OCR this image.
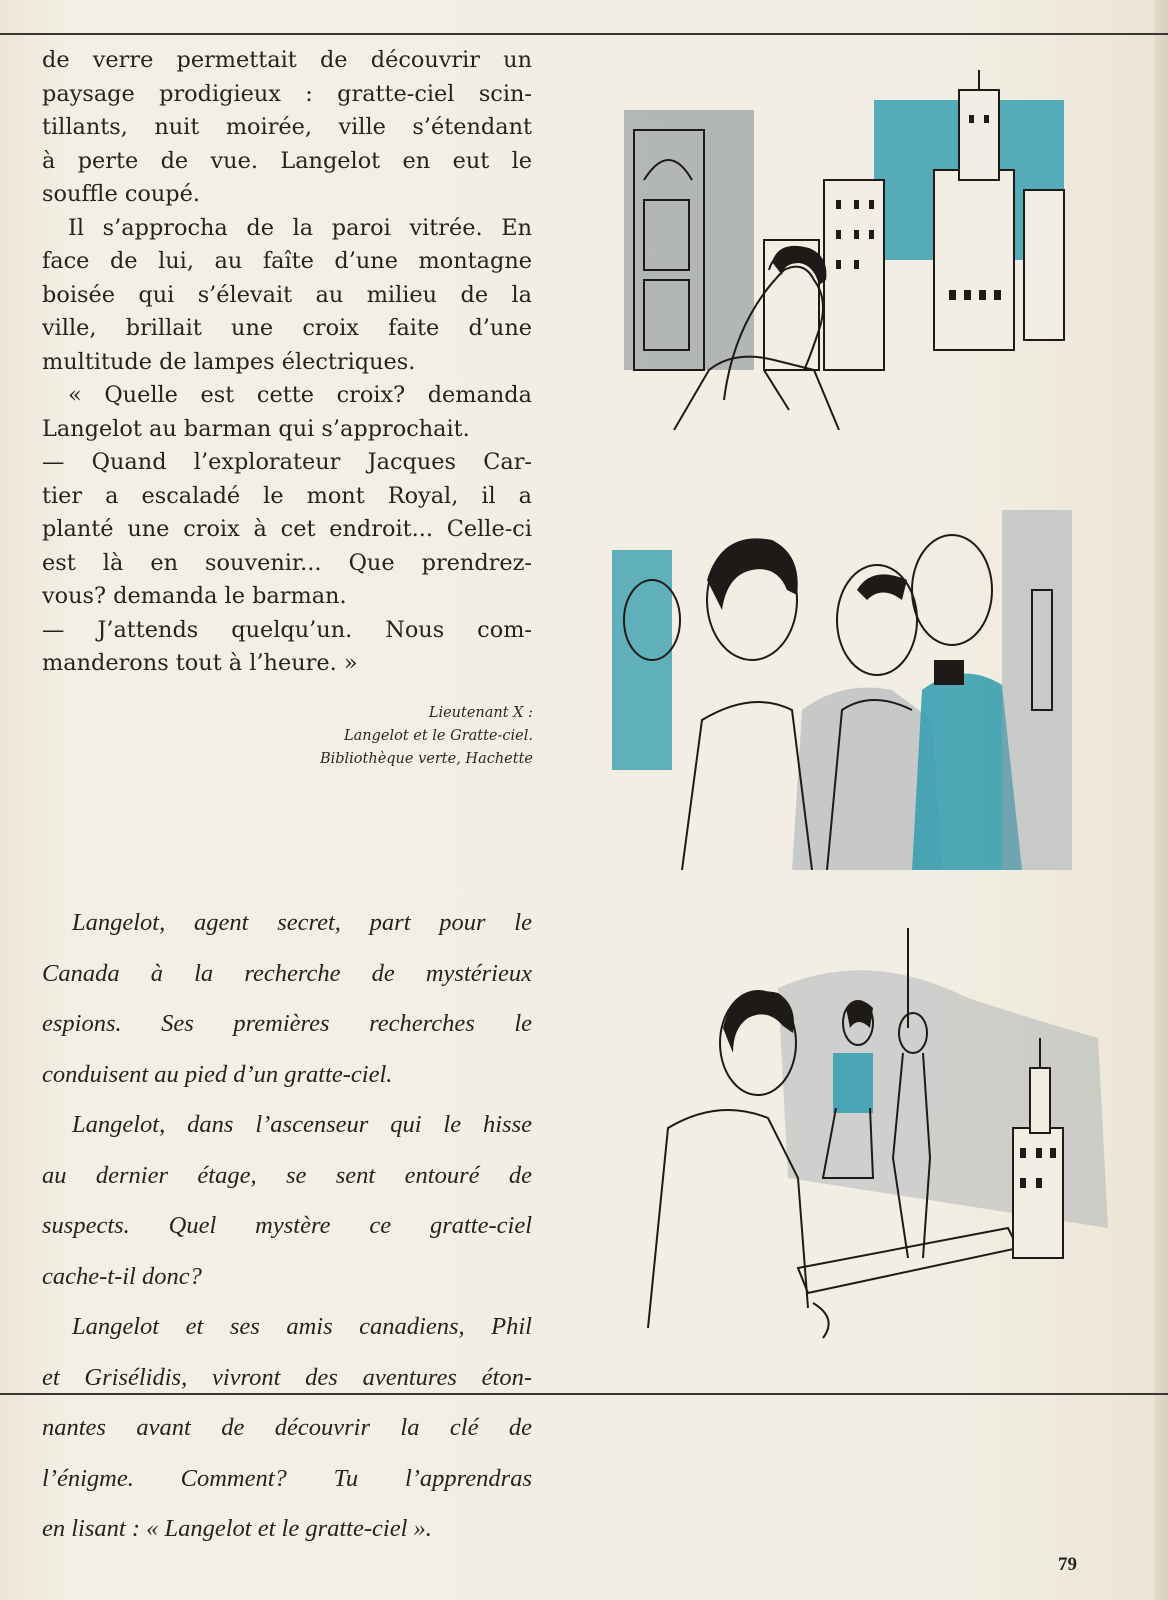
de verre permettait de découvrir un

paysage prodigieux : gratte-ciel scin-

tillants, nuit moirée, ville s’étendant

à perte de vue. Langelot en eut le

souffle coupé.

Il s’approcha de la paroi vitrée. En

face de lui, au faîte d’une montagne

boisée qui s’élevait au milieu de la

ville, brillait une croix faite d’une

multitude de lampes électriques.

« Quelle est cette croix? demanda

Langelot au barman qui s’approchait.

— Quand l’explorateur Jacques Car-

tier a escaladé le mont Royal, il a

planté une croix à cet endroit... Celle-ci

est là en souvenir... Que prendrez-

vous? demanda le barman.

— J’attends quelqu’un. Nous com-

manderons tout à l’heure. »

Lieutenant X :
Langelot et le Gratte-ciel.
Bibliothèque verte, Hachette

Langelot, agent secret, part pour le

Canada à la recherche de mystérieux

espions. Ses premières recherches le

conduisent au pied d’un gratte-ciel.

Langelot, dans l’ascenseur qui le hisse

au dernier étage, se sent entouré de

suspects. Quel mystère ce gratte-ciel

cache-t-il donc?

Langelot et ses amis canadiens, Phil

et Grisélidis, vivront des aventures éton-

nantes avant de découvrir la clé de

l’énigme. Comment? Tu l’apprendras

en lisant : « Langelot et le gratte-ciel ».

79
